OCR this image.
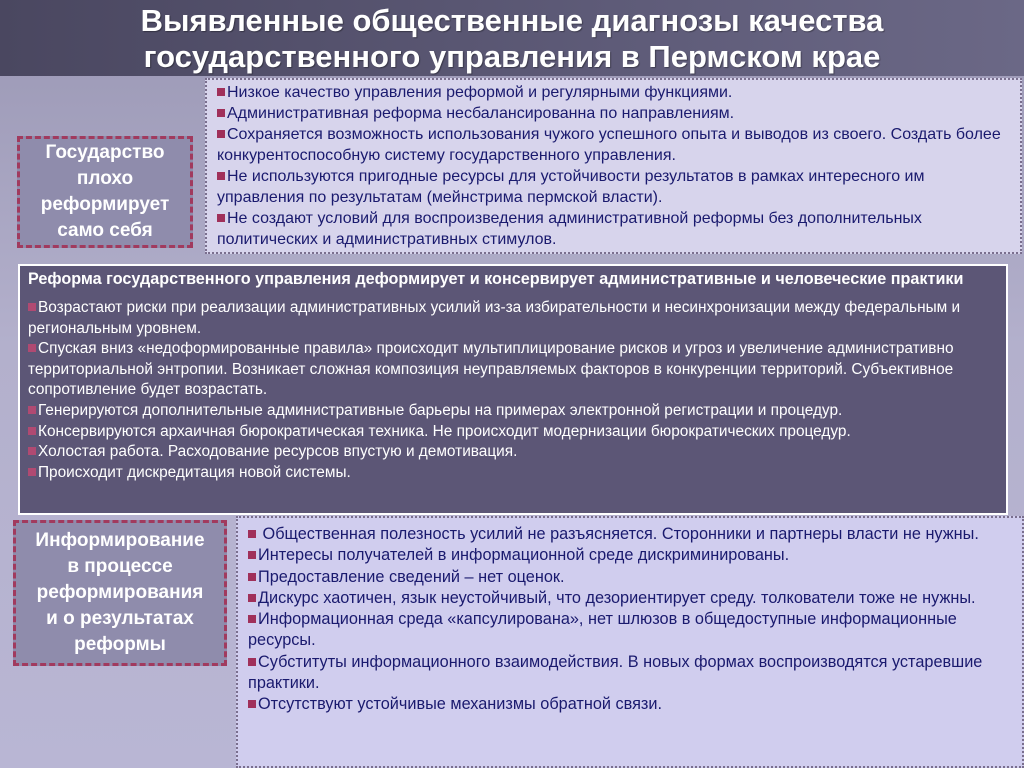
Выявленные общественные диагнозы качества
государственного управления в Пермском крае
Низкое качество управления реформой и регулярными функциями.
Административная реформа несбалансированна по направлениям.
Сохраняется возможность использования чужого успешного опыта и выводов из своего. Создать более конкурентоспособную систему государственного управления.
Не используются пригодные ресурсы для устойчивости результатов в рамках интересного им управления по результатам (мейнстрима пермской власти).
Не создают условий для воспроизведения административной реформы без дополнительных политических и административных стимулов.
Государство
плохо
реформирует
само себя
Реформа государственного управления деформирует и консервирует административные и человеческие практики
Возрастают риски при реализации административных усилий из-за избирательности и несинхронизации между федеральным и региональным уровнем.
Спуская вниз «недоформированные правила» происходит мультиплицирование рисков и угроз и увеличение административно территориальной энтропии. Возникает сложная композиция неуправляемых факторов в конкуренции территорий. Субъективное сопротивление будет возрастать.
Генерируются дополнительные административные барьеры на примерах электронной регистрации и процедур.
Консервируются архаичная бюрократическая техника. Не происходит модернизации бюрократических процедур.
Холостая работа. Расходование ресурсов впустую и демотивация.
Происходит дискредитация новой системы.
Общественная полезность усилий не разъясняется. Сторонники и партнеры власти не нужны.
Интересы получателей в информационной среде дискриминированы.
Предоставление сведений – нет оценок.
Дискурс хаотичен, язык неустойчивый, что дезориентирует среду. толкователи тоже не нужны.
Информационная среда «капсулирована», нет шлюзов в общедоступные информационные ресурсы.
Субституты информационного взаимодействия. В новых формах воспроизводятся устаревшие практики.
Отсутствуют устойчивые механизмы обратной связи.
Информирование
в процессе
реформирования
и о результатах
реформы
